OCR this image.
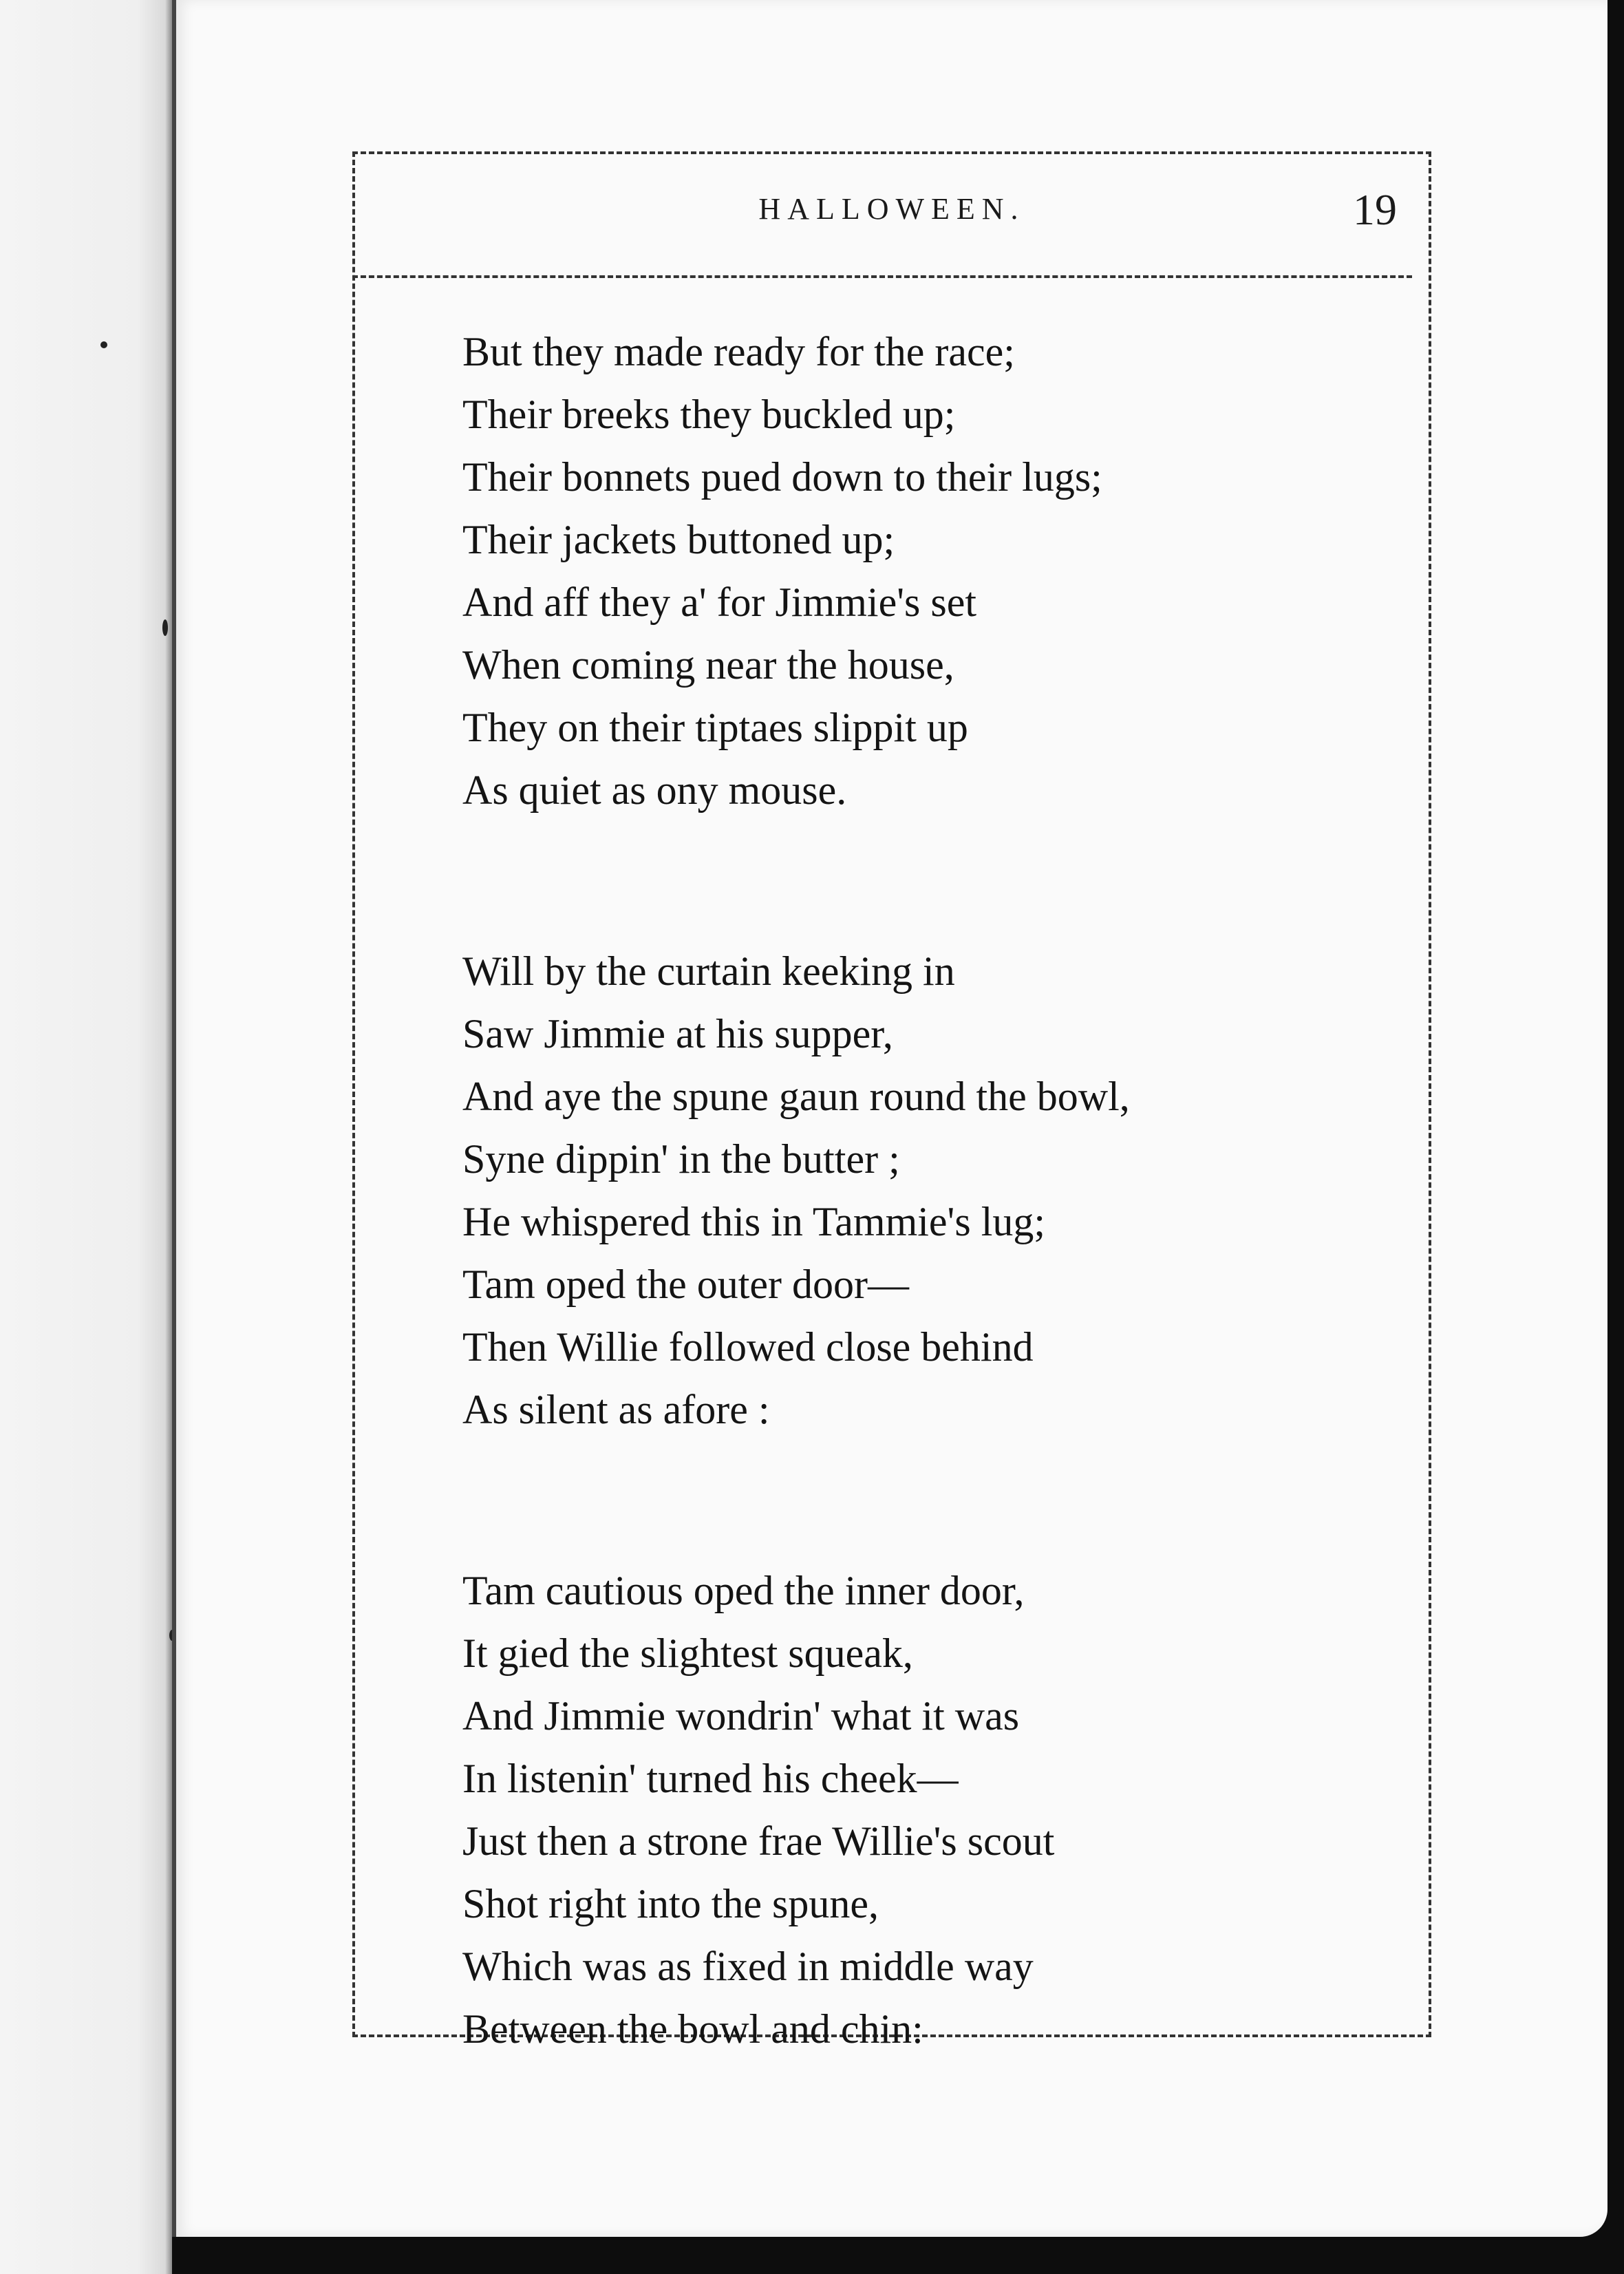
HALLOWEEN.	19
But they made ready for the race;
Their breeks they buckled up;
Their bonnets pued down to their lugs;
Their jackets buttoned up;
And aff they a' for Jimmie's set
When coming near the house,
They on their tiptaes slippit up
As quiet as ony mouse.
Will by the curtain keeking in
Saw Jimmie at his supper,
And aye the spune gaun round the bowl,
Syne dippin' in the butter ;
He whispered this in Tammie's lug;
Tam oped the outer door—
Then Willie followed close behind
As silent as afore :
Tam cautious oped the inner door,
It gied the slightest squeak,
And Jimmie wondrin' what it was
In listenin' turned his cheek—
Just then a strone frae Willie's scout
Shot right into the spune,
Which was as fixed in middle way
Between the bowl and chin:
